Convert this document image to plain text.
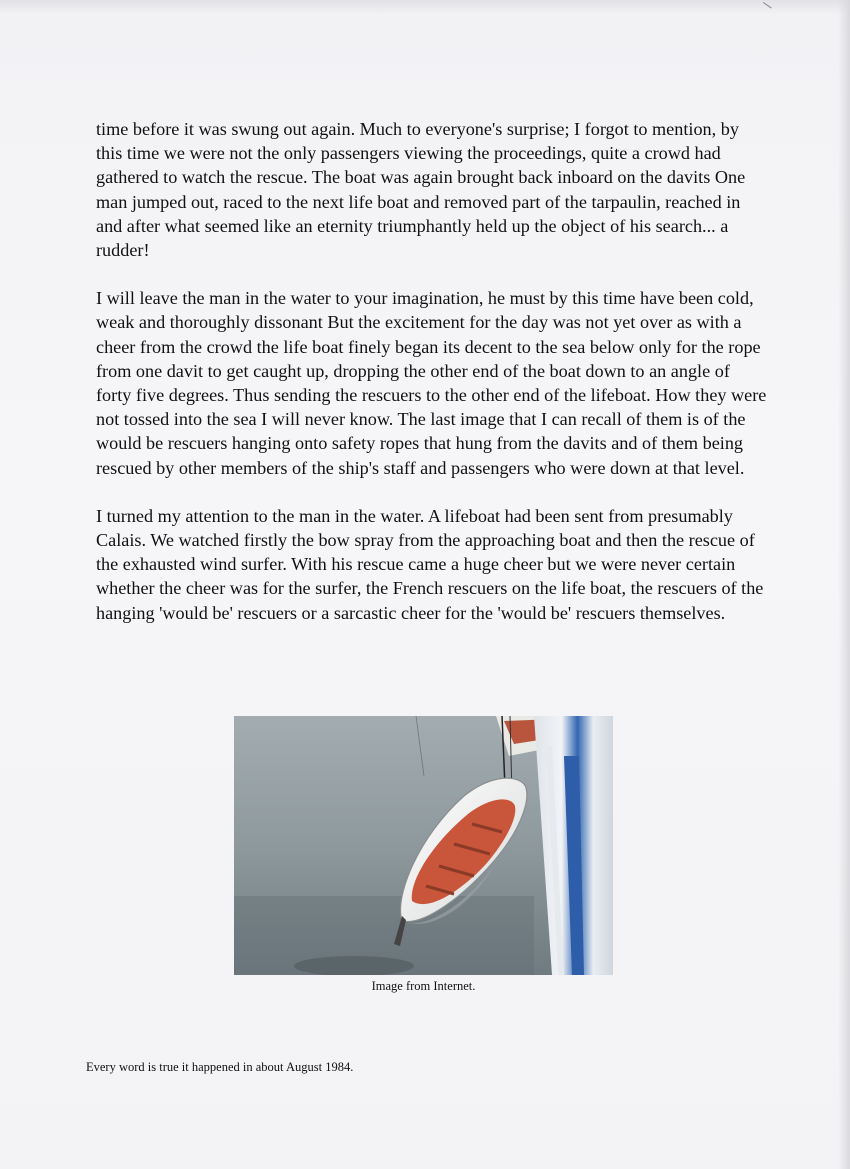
time before it was swung out again. Much to everyone's surprise; I forgot to mention, by this time we were not the only passengers viewing the proceedings, quite a crowd had gathered to watch the rescue. The boat was again brought back inboard on the davits One man jumped out, raced to the next life boat and removed part of the tarpaulin, reached in and after what seemed like an eternity triumphantly held up the object of his search... a rudder!

I will leave the man in the water to your imagination, he must by this time have been cold, weak and thoroughly dissonant But the excitement for the day was not yet over as with a cheer from the crowd the life boat finely began its decent to the sea below only for the rope from one davit to get caught up, dropping the other end of the boat down to an angle of forty five degrees. Thus sending the rescuers to the other end of the lifeboat. How they were not tossed into the sea I will never know. The last image that I can recall of them is of the would be rescuers hanging onto safety ropes that hung from the davits and of them being rescued by other members of the ship's staff and passengers who were down at that level.

I turned my attention to the man in the water. A lifeboat had been sent from presumably Calais. We watched firstly the bow spray from the approaching boat and then the rescue of the exhausted wind surfer. With his rescue came a huge cheer but we were never certain whether the cheer was for the surfer, the French rescuers on the life boat, the rescuers of the hanging 'would be' rescuers or a sarcastic cheer for the 'would be' rescuers themselves.

Image from Internet.
Every word is true it happened in about August 1984.
